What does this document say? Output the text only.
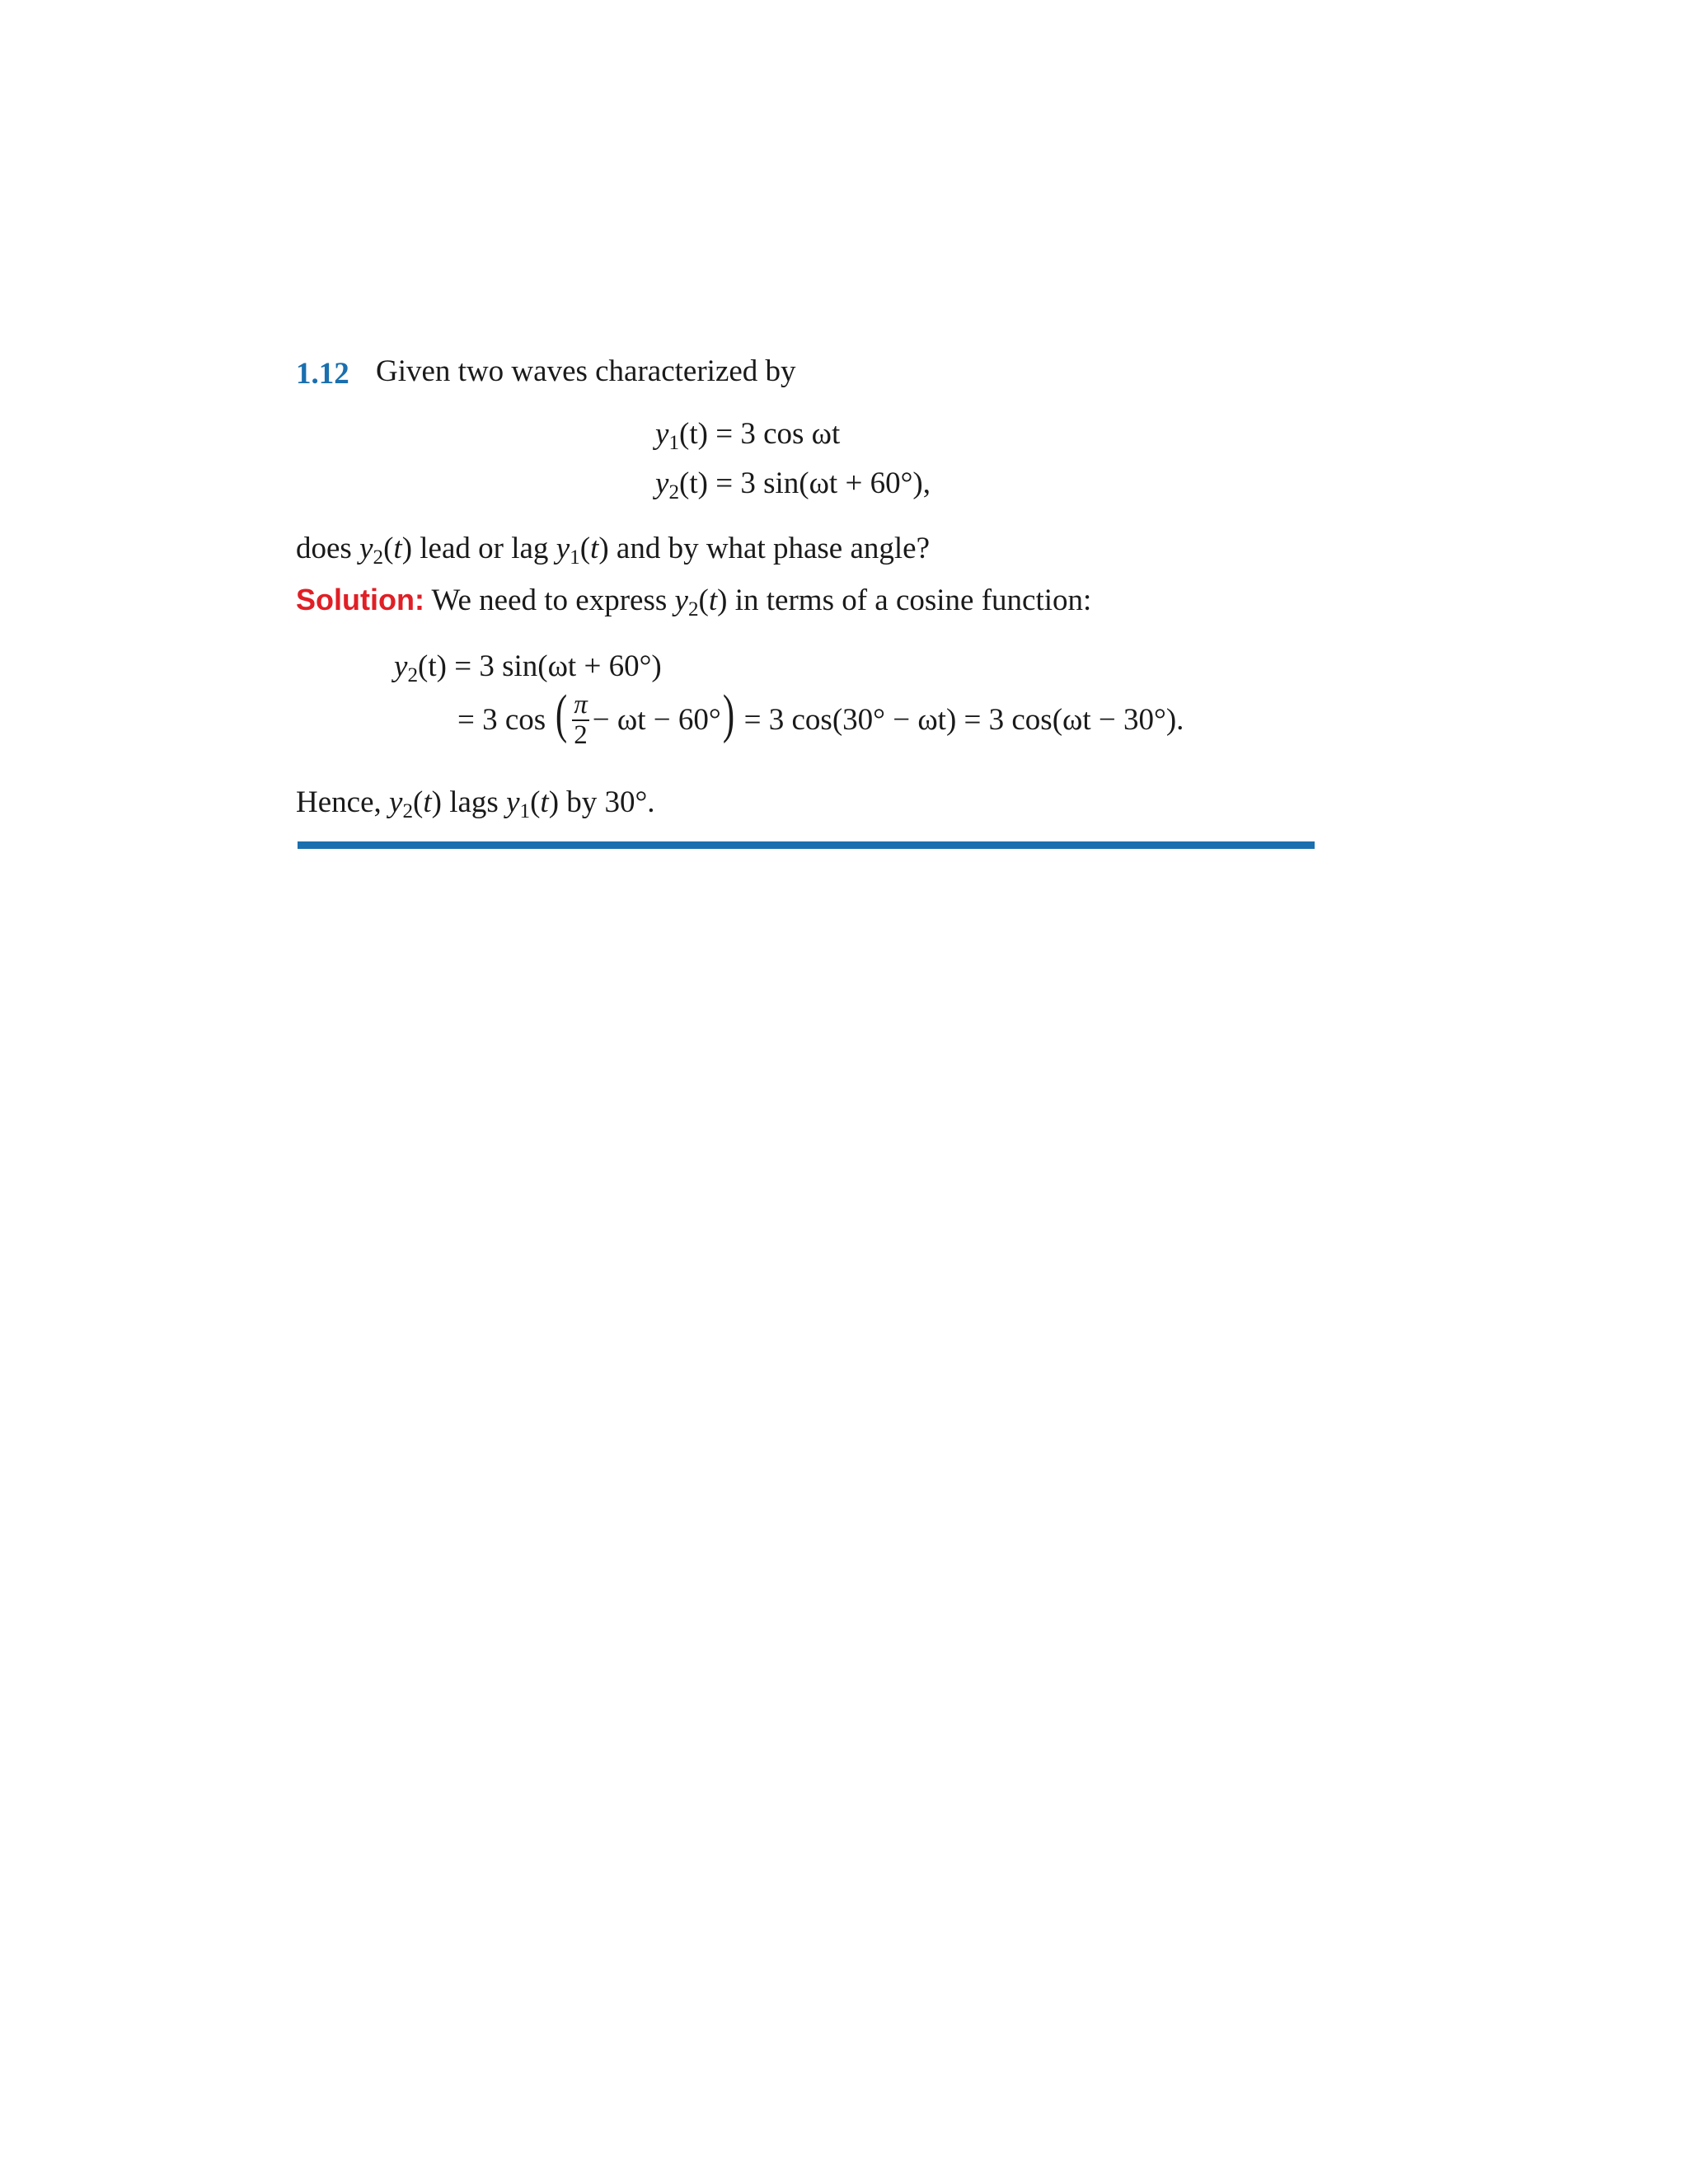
1.12 Given two waves characterized by
$y_1(t) = 3$ cos ωt
$y_2(t) = 3$ sin(ωt + 60°),
does $y_2(t)$ lead or lag $y_1(t)$ and by what phase angle?
Solution: We need to express $y_2(t)$ in terms of a cosine function:
$y_2(t) = 3$ sin(ωt + 60°)
= 3 cos ( $\frac{\pi}{2} - \omega t - 60^\circ$ ) = 3 cos(30° − ωt) = 3 cos(ωt − 30°).
Hence, $y_2(t)$ lags $y_1(t)$ by 30°.
